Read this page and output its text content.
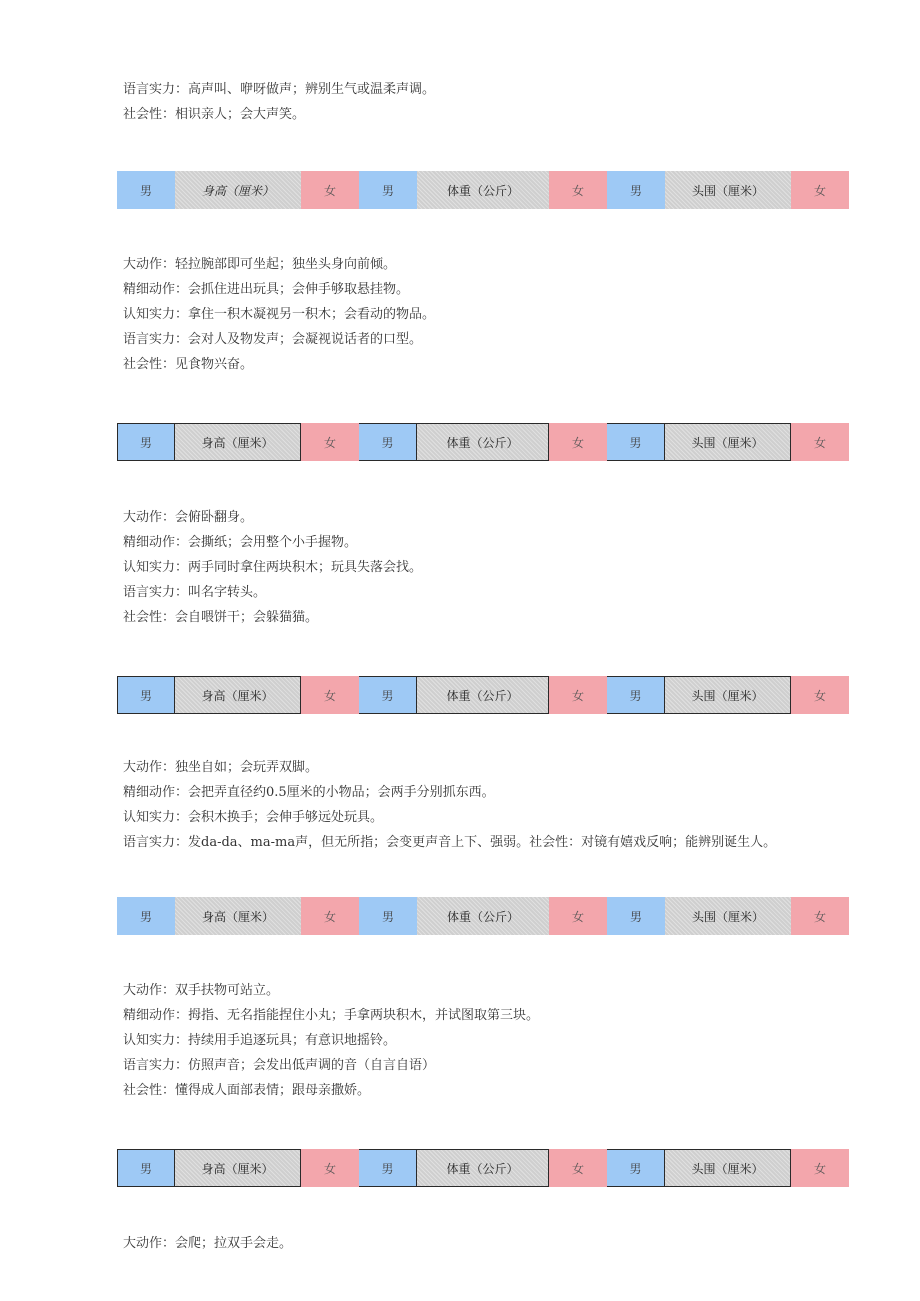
语言实力：高声叫、咿呀做声；辨别生气或温柔声调。
社会性：相识亲人；会大声笑。
男	身高（厘米）	女	男	体重（公斤）	女	男	头围（厘米）	女
大动作：轻拉腕部即可坐起；独坐头身向前倾。
精细动作：会抓住进出玩具；会伸手够取悬挂物。
认知实力：拿住一积木凝视另一积木；会看动的物品。
语言实力：会对人及物发声；会凝视说话者的口型。
社会性：见食物兴奋。
男	身高（厘米）	女	男	体重（公斤）	女	男	头围（厘米）	女
大动作：会俯卧翻身。
精细动作：会撕纸；会用整个小手握物。
认知实力：两手同时拿住两块积木；玩具失落会找。
语言实力：叫名字转头。
社会性：会自喂饼干；会躲猫猫。
男	身高（厘米）	女	男	体重（公斤）	女	男	头围（厘米）	女
大动作：独坐自如；会玩弄双脚。
精细动作：会把弄直径约0.5厘米的小物品；会两手分别抓东西。
认知实力：会积木换手；会伸手够远处玩具。
语言实力：发da-da、ma-ma声，但无所指；会变更声音上下、强弱。社会性：对镜有嬉戏反响；能辨别诞生人。
男	身高（厘米）	女	男	体重（公斤）	女	男	头围（厘米）	女
大动作：双手扶物可站立。
精细动作：拇指、无名指能捏住小丸；手拿两块积木，并试图取第三块。
认知实力：持续用手追逐玩具；有意识地摇铃。
语言实力：仿照声音；会发出低声调的音（自言自语）
社会性：懂得成人面部表情；跟母亲撒娇。
男	身高（厘米）	女	男	体重（公斤）	女	男	头围（厘米）	女
大动作：会爬；拉双手会走。
